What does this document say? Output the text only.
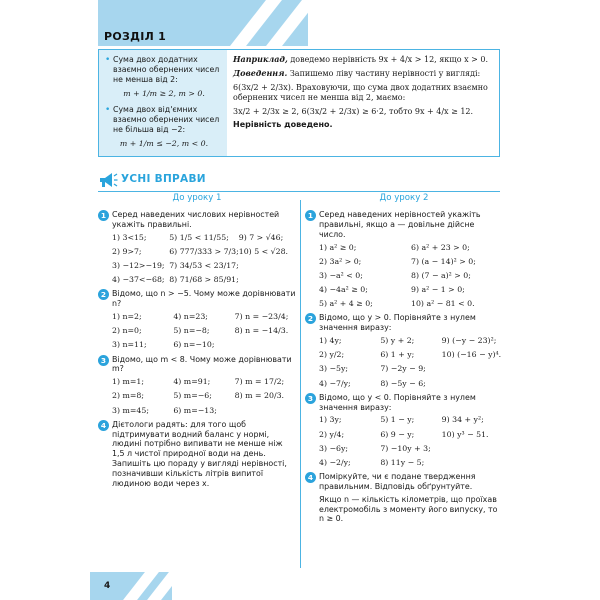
РОЗДІЛ 1
• Сума двох додатних взаємно обернених чисел не менша від 2:
m + 1/m ≥ 2, m > 0.
• Сума двох від'ємних взаємно обернених чисел не більша від −2:
m + 1/m ≤ −2, m < 0.

Наприклад, доведемо нерівність 9x + 4/x > 12, якщо x > 0.

Доведення. Запишемо ліву частину нерівності у вигляді:

6(3x/2 + 2/3x). Враховуючи, що сума двох додатних взаємно обернених чисел не менша від 2, маємо:

3x/2 + 2/3x ≥ 2, 6(3x/2 + 2/3x) ≥ 6·2, тобто 9x + 4/x ≥ 12.

Нерівність доведено.

УСНІ ВПРАВИ
До уроку 1
1 Серед наведених числових нерівностей укажіть правильні.
1) 3<15;	5) 1/5 < 11/55;	9) 7 > √46;
2) 9>7;	6) 777/333 > 7/3; 10) 5 < √28.
3) −12>−19; 7) 34/53 < 23/17;
4) −37<−68; 8) 71/68 > 85/91;
2 Відомо, що n > −5. Чому може дорівнювати n?
1) n=2;	4) n=23;	7) n = −23/4;
2) n=0;	5) n=−8;	8) n = −14/3.
3) n=11;	6) n=−10;
3 Відомо, що m < 8. Чому може дорівнювати m?
1) m=1;	4) m=91;	7) m = 17/2;
2) m=8;	5) m=−6;	8) m = 20/3.
3) m=45;	6) m=−13;
4 Дієтологи радять: для того щоб підтримувати водний баланс у нормі, людині потрібно випивати не менше ніж 1,5 л чистої природної води на день. Запишіть цю пораду у вигляді нерівності, позначивши кількість літрів випитої людиною води через x.
До уроку 2
1 Серед наведених нерівностей укажіть правильні, якщо a — довільне дійсне число.
1) a² ≥ 0;	6) a² + 23 > 0;
2) 3a² > 0;	7) (a − 14)² > 0;
3) −a² < 0;	8) (7 − a)² > 0;
4) −4a² ≥ 0;	9) a² − 1 > 0;
5) a² + 4 ≥ 0;	10) a² − 81 < 0.
2 Відомо, що y > 0. Порівняйте з нулем значення виразу:
1) 4y;	5) y + 2;	9) (−y − 23)²;
2) y/2;	6) 1 + y;	10) (−16 − y)⁴.
3) −5y;	7) −2y − 9;
4) −7/y;	8) −5y − 6;
3 Відомо, що y < 0. Порівняйте з нулем значення виразу:
1) 3y;	5) 1 − y;	9) 34 + y²;
2) y/4;	6) 9 − y;	10) y³ − 51.
3) −6y;	7) −10y + 3;
4) −2/y;	8) 11y − 5;
4 Поміркуйте, чи є подане твердження правильним. Відповідь обґрунтуйте.
Якщо n — кількість кілометрів, що проїхав електромобіль з моменту його випуску, то n ≥ 0.
4
